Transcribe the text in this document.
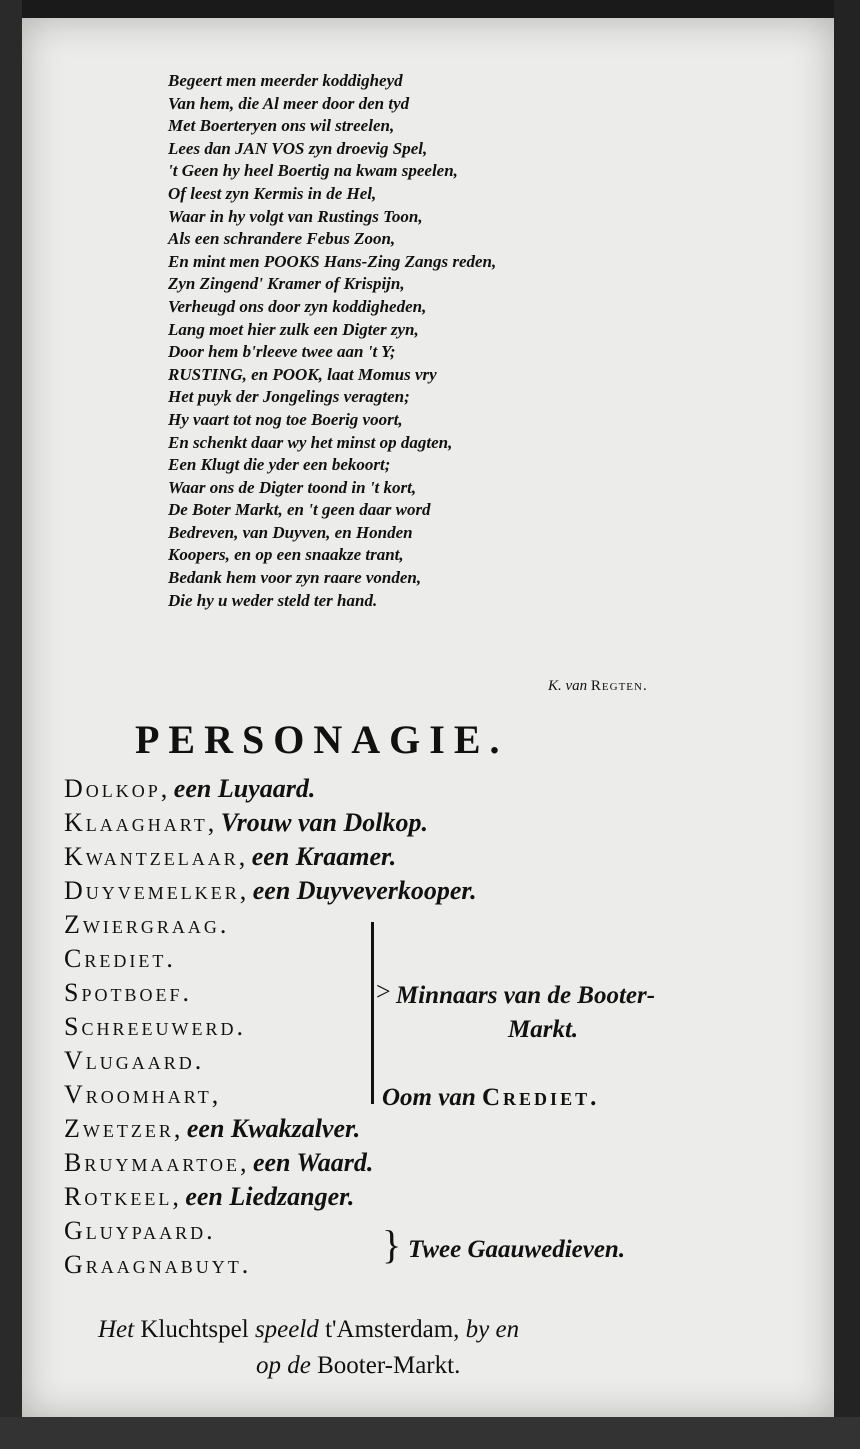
Begeert men meerder koddigheyd
Van hem, die Al meer door den tyd
Met Boerteryen ons wil streelen,
Lees dan JAN VOS zyn droevig Spel,
't Geen hy heel Boertig na kwam speelen,
Of leest zyn Kermis in de Hel,
Waar in hy volgt van Rustings Toon,
Als een schrandere Febus Zoon,
En mint men POOKS Hans-Zing Zangs reden,
Zyn Zingend' Kramer of Krispijn,
Verheugd ons door zyn koddigheden,
Lang moet hier zulk een Digter zyn,
Door hem b'rleeve twee aan 't Y;
RUSTING, en POOK, laat Momus vry
Het puyk der Jongelings veragten;
Hy vaart tot nog toe Boerig voort,
En schenkt daar wy het minst op dagten,
Een Klugt die yder een bekoort;
Waar ons de Digter toond in 't kort,
De Boter Markt, en 't geen daar word
Bedreven, van Duyven, en Honden
Koopers, en op een snaakze trant,
Bedank hem voor zyn raare vonden,
Die hy u weder steld ter hand.
K. van Regten.
PERSONAGIE.
Dolkop, een Luyaard.
Klaaghart, Vrouw van Dolkop.
Kwantzelaar, een Kraamer.
Duyvemelker, een Duyveverkooper.
Zwiergraag.
Crediet.
Spotboef.
Schreeuwerd.
Vlugaard.
Vroomhart,
Zwetzer, een Kwakzalver.
Bruymaartoe, een Waard.
Rotkeel, een Liedzanger.
Gluypaard.
Graagnabuyt.
> Minnaars van de Booter-
Markt.
Oom van Crediet.
} Twee Gaauwedieven.
Het Kluchtspel speeld t'Amsterdam, by en
op de Booter-Markt.
